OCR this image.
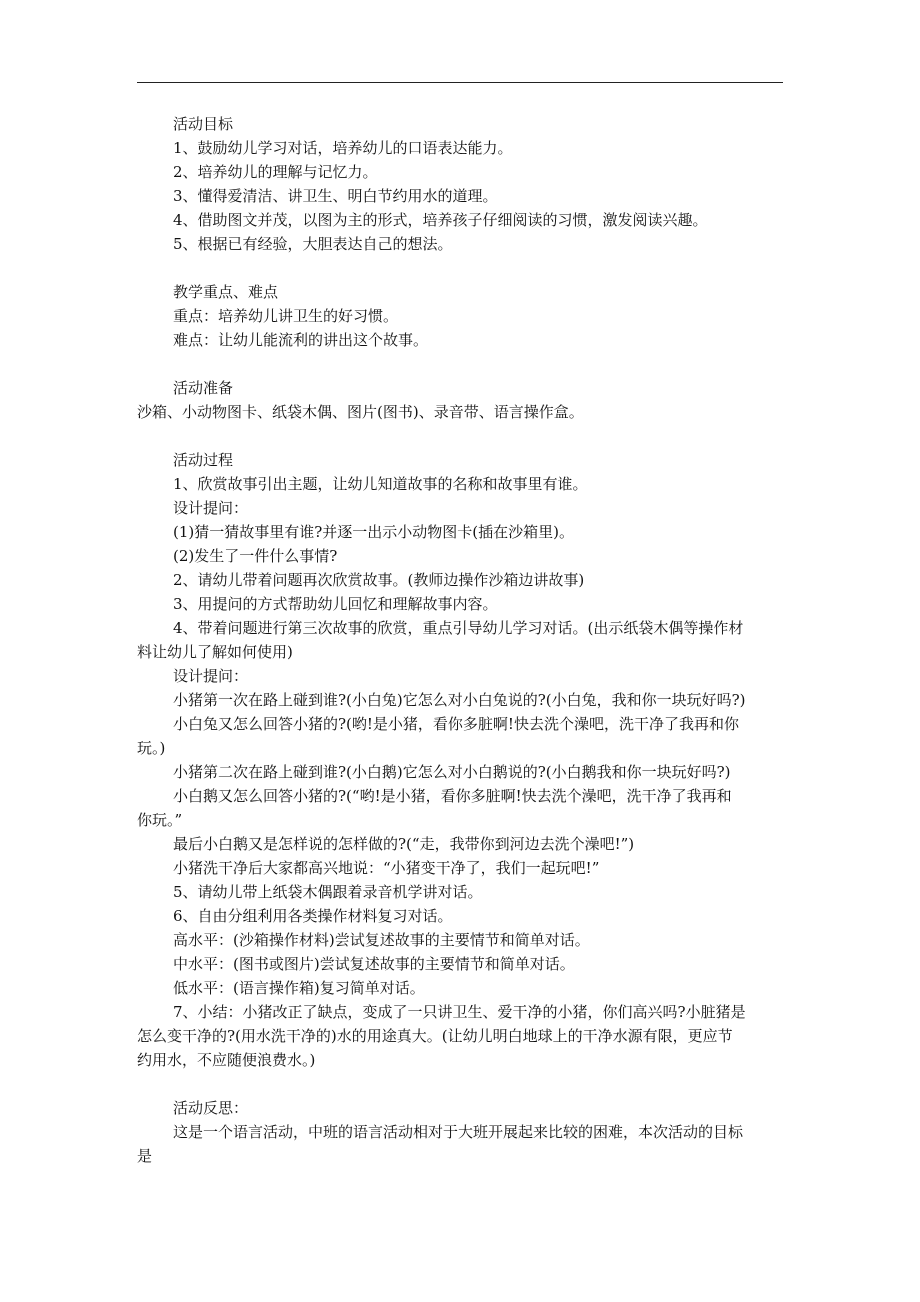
活动目标
1、鼓励幼儿学习对话，培养幼儿的口语表达能力。
2、培养幼儿的理解与记忆力。
3、懂得爱清洁、讲卫生、明白节约用水的道理。
4、借助图文并茂，以图为主的形式，培养孩子仔细阅读的习惯，激发阅读兴趣。
5、根据已有经验，大胆表达自己的想法。
教学重点、难点
重点：培养幼儿讲卫生的好习惯。
难点：让幼儿能流利的讲出这个故事。
活动准备
沙箱、小动物图卡、纸袋木偶、图片(图书)、录音带、语言操作盒。
活动过程
1、欣赏故事引出主题，让幼儿知道故事的名称和故事里有谁。
设计提问：
(1)猜一猜故事里有谁?并逐一出示小动物图卡(插在沙箱里)。
(2)发生了一件什么事情?
2、请幼儿带着问题再次欣赏故事。(教师边操作沙箱边讲故事)
3、用提问的方式帮助幼儿回忆和理解故事内容。
4、带着问题进行第三次故事的欣赏，重点引导幼儿学习对话。(出示纸袋木偶等操作材
料让幼儿了解如何使用)
设计提问：
小猪第一次在路上碰到谁?(小白兔)它怎么对小白兔说的?(小白兔，我和你一块玩好吗?)
小白兔又怎么回答小猪的?(哟!是小猪，看你多脏啊!快去洗个澡吧，洗干净了我再和你
玩。)
小猪第二次在路上碰到谁?(小白鹅)它怎么对小白鹅说的?(小白鹅我和你一块玩好吗?)
小白鹅又怎么回答小猪的?(“哟!是小猪，看你多脏啊!快去洗个澡吧，洗干净了我再和
你玩。”
最后小白鹅又是怎样说的怎样做的?(“走，我带你到河边去洗个澡吧!”)
小猪洗干净后大家都高兴地说：“小猪变干净了，我们一起玩吧!”
5、请幼儿带上纸袋木偶跟着录音机学讲对话。
6、自由分组利用各类操作材料复习对话。
高水平：(沙箱操作材料)尝试复述故事的主要情节和简单对话。
中水平：(图书或图片)尝试复述故事的主要情节和简单对话。
低水平：(语言操作箱)复习简单对话。
7、小结：小猪改正了缺点，变成了一只讲卫生、爱干净的小猪，你们高兴吗?小脏猪是
怎么变干净的?(用水洗干净的)水的用途真大。(让幼儿明白地球上的干净水源有限，更应节
约用水，不应随便浪费水。)
活动反思：
这是一个语言活动，中班的语言活动相对于大班开展起来比较的困难，本次活动的目标
是
